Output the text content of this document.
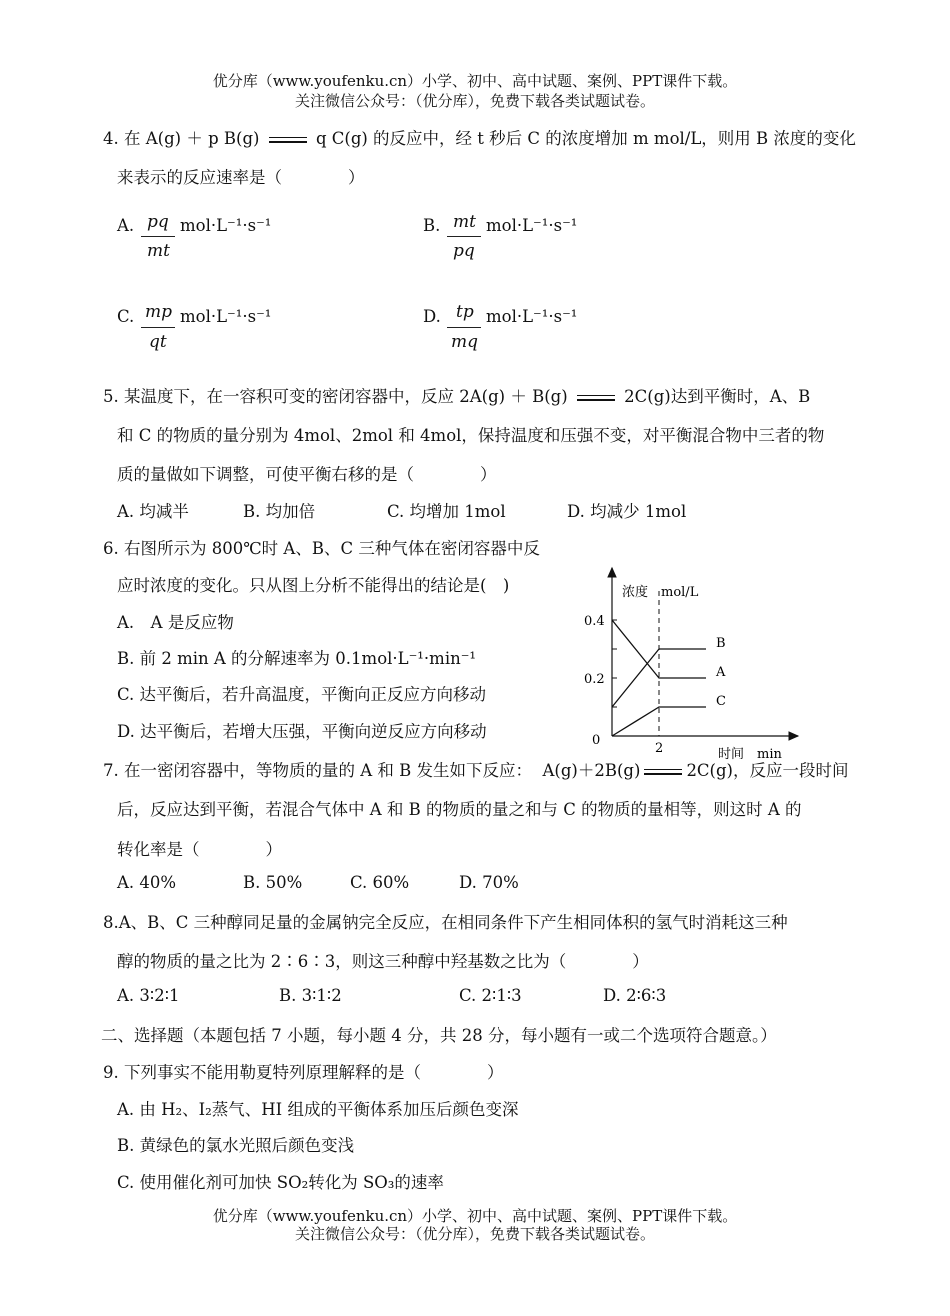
优分库（www.youfenku.cn）小学、初中、高中试题、案例、PPT课件下载。
关注微信公众号：（优分库），免费下载各类试题试卷。
4. 在 A(g) ＋ p B(g)	q C(g) 的反应中，经 t 秒后 C 的浓度增加 m mol/L，则用 B 浓度的变化
来表示的反应速率是（　　　　）
A. pq
mt
mol·L⁻¹·s⁻¹	B. mt
pq
mol·L⁻¹·s⁻¹
C. mp
qt
mol·L⁻¹·s⁻¹	D. tp
mq
mol·L⁻¹·s⁻¹
5. 某温度下，在一容积可变的密闭容器中，反应 2A(g) ＋ B(g)	2C(g)达到平衡时，A、B
和 C 的物质的量分别为 4mol、2mol 和 4mol，保持温度和压强不变，对平衡混合物中三者的物
质的量做如下调整，可使平衡右移的是（　　　　）
A. 均减半	B. 均加倍	C. 均增加 1mol	D. 均减少 1mol
6. 右图所示为 800℃时 A、B、C 三种气体在密闭容器中反
应时浓度的变化。只从图上分析不能得出的结论是(　)
A.　A 是反应物
B. 前 2 min A 的分解速率为 0.1mol·L⁻¹·min⁻¹
C. 达平衡后，若升高温度，平衡向正反应方向移动
D. 达平衡后，若增大压强，平衡向逆反应方向移动
浓度　mol/L
时间　min
0
0.4
0.2
2
A
B
C
7. 在一密闭容器中，等物质的量的 A 和 B 发生如下反应： A(g)＋2B(g)	2C(g)，反应一段时间
后，反应达到平衡，若混合气体中 A 和 B 的物质的量之和与 C 的物质的量相等，则这时 A 的
转化率是（　　　　）
A. 40%	B. 50%	C. 60%	D. 70%
8.A、B、C 三种醇同足量的金属钠完全反应，在相同条件下产生相同体积的氢气时消耗这三种
醇的物质的量之比为 2∶6∶3，则这三种醇中羟基数之比为（　　　　）
A. 3∶2∶1	B. 3∶1∶2	C. 2∶1∶3	D. 2∶6∶3
二、选择题（本题包括 7 小题，每小题 4 分，共 28 分，每小题有一或二个选项符合题意。）
9. 下列事实不能用勒夏特列原理解释的是（　　　　）
A. 由 H₂、I₂蒸气、HI 组成的平衡体系加压后颜色变深
B. 黄绿色的氯水光照后颜色变浅
C. 使用催化剂可加快 SO₂转化为 SO₃的速率
优分库（www.youfenku.cn）小学、初中、高中试题、案例、PPT课件下载。
关注微信公众号：（优分库），免费下载各类试题试卷。
